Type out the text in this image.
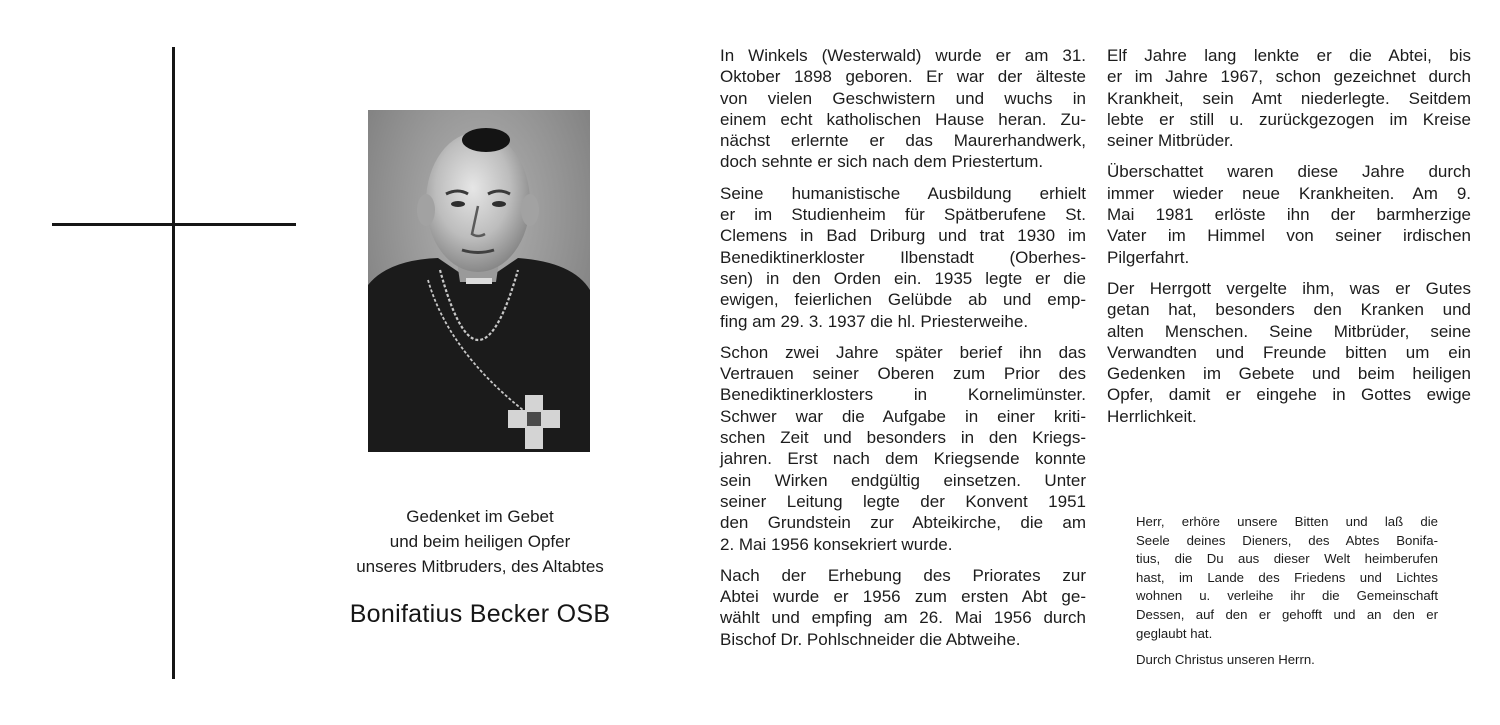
Gedenket im Gebet
und beim heiligen Opfer
unseres Mitbruders, des Altabtes
Bonifatius Becker OSB
In Winkels (Westerwald) wurde er am 31.
Oktober 1898 geboren. Er war der älteste
von vielen Geschwistern und wuchs in
einem echt katholischen Hause heran. Zu-
nächst erlernte er das Maurerhandwerk,
doch sehnte er sich nach dem Priestertum.
Seine humanistische Ausbildung erhielt
er im Studienheim für Spätberufene St.
Clemens in Bad Driburg und trat 1930 im
Benediktinerkloster Ilbenstadt (Oberhes-
sen) in den Orden ein. 1935 legte er die
ewigen, feierlichen Gelübde ab und emp-
fing am 29. 3. 1937 die hl. Priesterweihe.
Schon zwei Jahre später berief ihn das
Vertrauen seiner Oberen zum Prior des
Benediktinerklosters in Kornelimünster.
Schwer war die Aufgabe in einer kriti-
schen Zeit und besonders in den Kriegs-
jahren. Erst nach dem Kriegsende konnte
sein Wirken endgültig einsetzen. Unter
seiner Leitung legte der Konvent 1951
den Grundstein zur Abteikirche, die am
2. Mai 1956 konsekriert wurde.
Nach der Erhebung des Priorates zur
Abtei wurde er 1956 zum ersten Abt ge-
wählt und empfing am 26. Mai 1956 durch
Bischof Dr. Pohlschneider die Abtweihe.
Elf Jahre lang lenkte er die Abtei, bis
er im Jahre 1967, schon gezeichnet durch
Krankheit, sein Amt niederlegte. Seitdem
lebte er still u. zurückgezogen im Kreise
seiner Mitbrüder.
Überschattet waren diese Jahre durch
immer wieder neue Krankheiten. Am 9.
Mai 1981 erlöste ihn der barmherzige
Vater im Himmel von seiner irdischen
Pilgerfahrt.
Der Herrgott vergelte ihm, was er Gutes
getan hat, besonders den Kranken und
alten Menschen. Seine Mitbrüder, seine
Verwandten und Freunde bitten um ein
Gedenken im Gebete und beim heiligen
Opfer, damit er eingehe in Gottes ewige
Herrlichkeit.
Herr, erhöre unsere Bitten und laß die
Seele deines Dieners, des Abtes Bonifa-
tius, die Du aus dieser Welt heimberufen
hast, im Lande des Friedens und Lichtes
wohnen u. verleihe ihr die Gemeinschaft
Dessen, auf den er gehofft und an den er
geglaubt hat.
Durch Christus unseren Herrn.
